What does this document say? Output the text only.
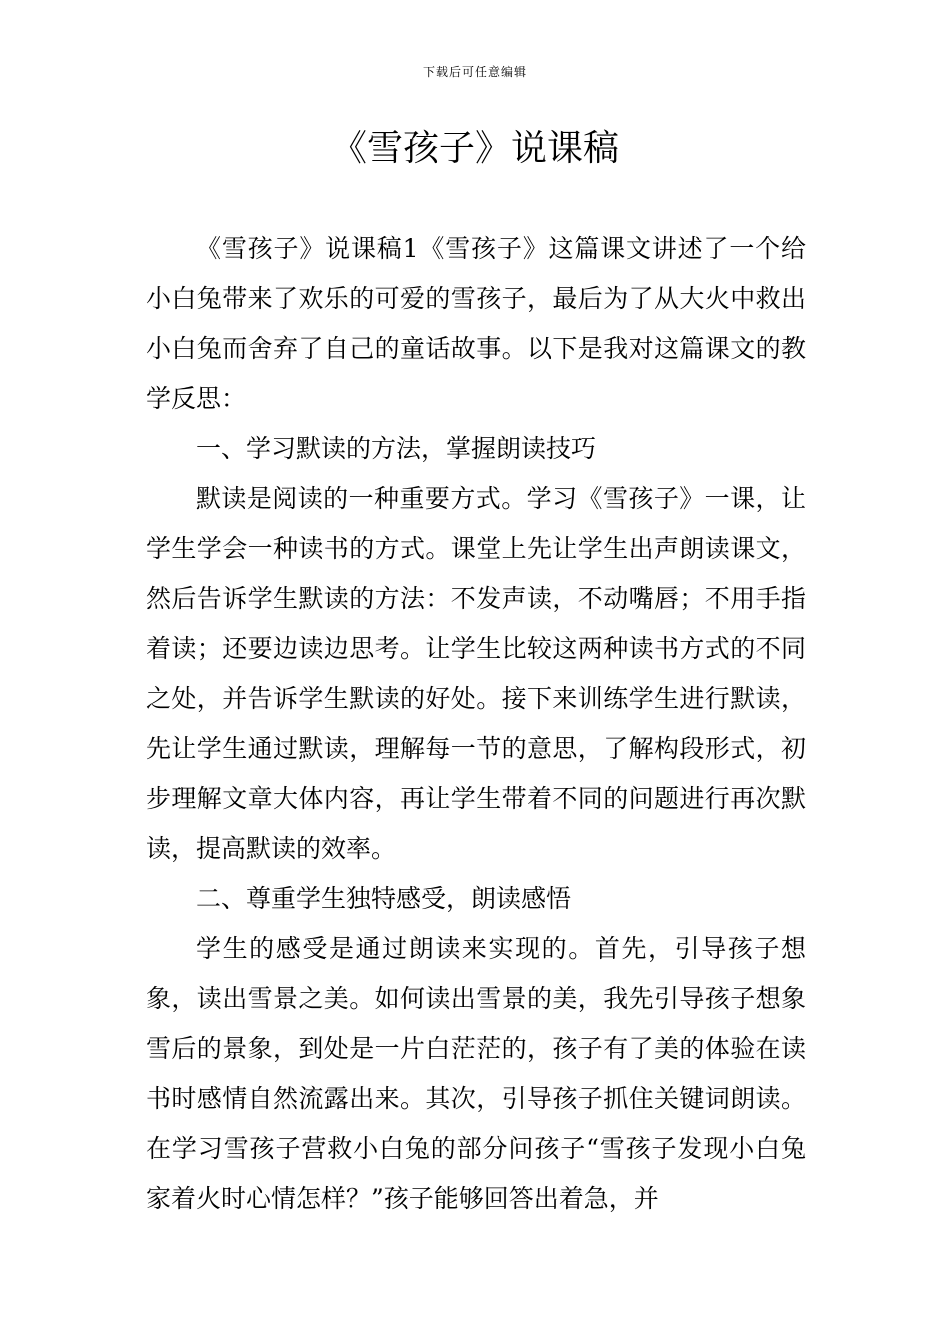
下载后可任意编辑
《雪孩子》说课稿

《雪孩子》说课稿1《雪孩子》这篇课文讲述了一个给小白兔带来了欢乐的可爱的雪孩子，最后为了从大火中救出小白兔而舍弃了自己的童话故事。以下是我对这篇课文的教学反思：

一、学习默读的方法，掌握朗读技巧

默读是阅读的一种重要方式。学习《雪孩子》一课，让学生学会一种读书的方式。课堂上先让学生出声朗读课文，然后告诉学生默读的方法：不发声读，不动嘴唇；不用手指着读；还要边读边思考。让学生比较这两种读书方式的不同之处，并告诉学生默读的好处。接下来训练学生进行默读，先让学生通过默读，理解每一节的意思，了解构段形式，初步理解文章大体内容，再让学生带着不同的问题进行再次默读，提高默读的效率。

二、尊重学生独特感受，朗读感悟

学生的感受是通过朗读来实现的。首先，引导孩子想象，读出雪景之美。如何读出雪景的美，我先引导孩子想象雪后的景象，到处是一片白茫茫的，孩子有了美的体验在读书时感情自然流露出来。其次，引导孩子抓住关键词朗读。在学习雪孩子营救小白兔的部分问孩子“雪孩子发现小白兔家着火时心情怎样？”孩子能够回答出着急，并
